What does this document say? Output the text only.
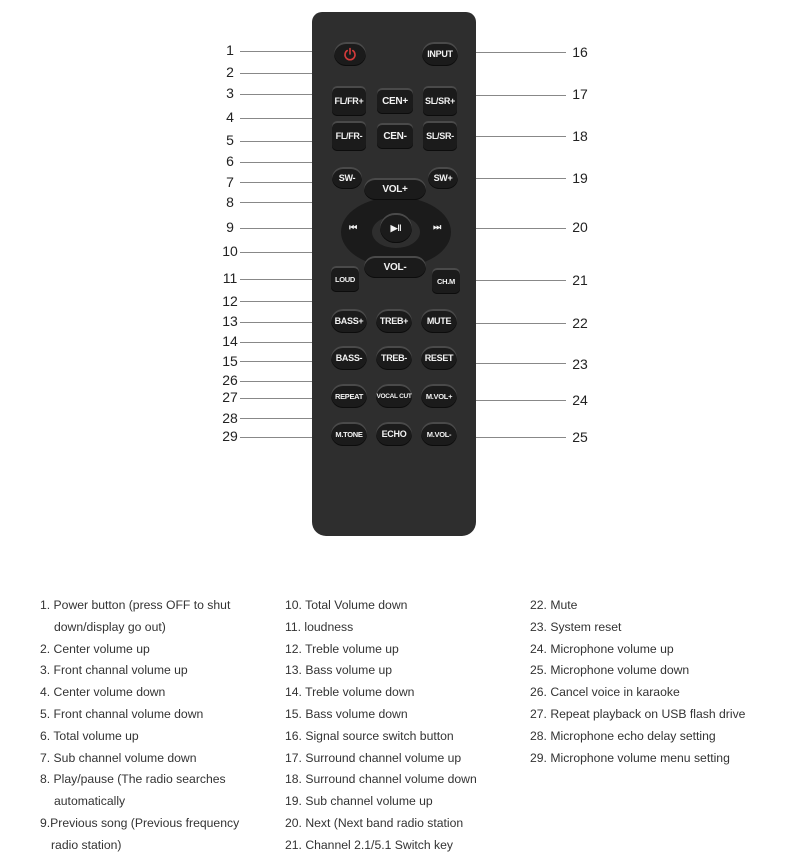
1
2
3
4
5
6
7
8
9
10
11
12
13
14
15
26
27
28
29
16
17
18
19
20
21
22
23
24
25
INPUT
FL/FR+	CEN+	SL/SR+
FL/FR-	CEN-	SL/SR-
SW-	SW+
VOL+
VOL-
⏮	⏭
▶‖
LOUD	CH.M
BASS+	TREB+	MUTE
BASS-	TREB-	RESET
REPEAT	VOCAL CUT	M.VOL+
M.TONE	ECHO	M.VOL-
1. Power button (press OFF to shut
down/display go out)
2. Center volume up
3. Front channal volume up
4. Center volume down
5. Front channal volume down
6. Total volume up
7. Sub channel volume down
8. Play/pause (The radio searches
automatically
9.Previous song (Previous frequency
radio station)
10. Total Volume down
11. loudness
12. Treble volume up
13. Bass volume up
14. Treble volume down
15. Bass volume down
16. Signal source switch button
17. Surround channel volume up
18. Surround channel volume down
19. Sub channel volume up
20. Next (Next band radio station
21. Channel 2.1/5.1 Switch key
22. Mute
23. System reset
24. Microphone volume up
25. Microphone volume down
26. Cancel voice in karaoke
27. Repeat playback on USB flash drive
28. Microphone echo delay setting
29. Microphone volume menu setting
